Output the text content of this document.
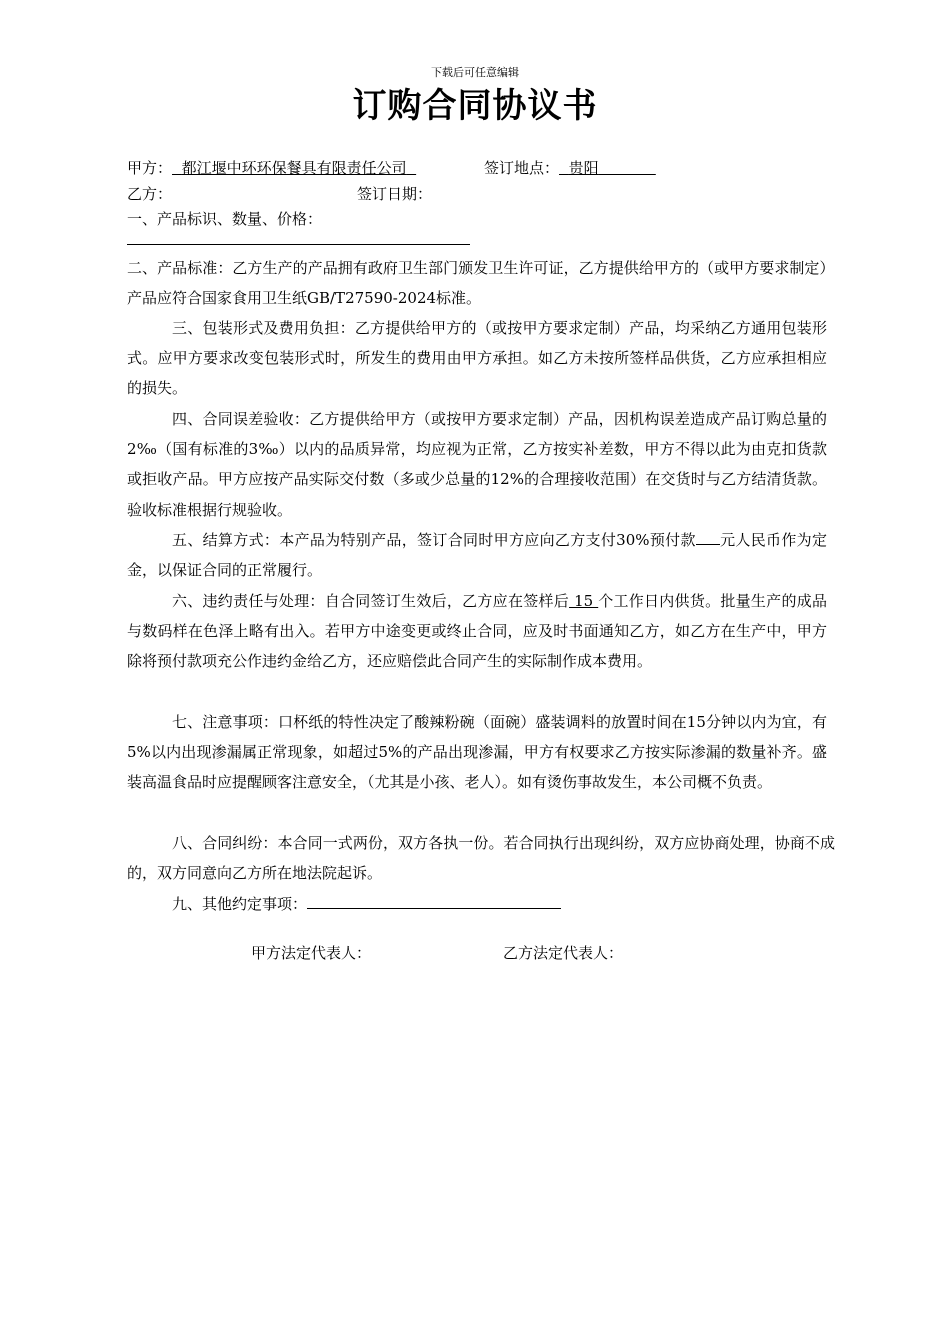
下载后可任意编辑
订购合同协议书
甲方： 都江堰中环环保餐具有限责任公司	签订地点： 贵阳
乙方：	签订日期：
一、产品标识、数量、价格：
二、产品标准：乙方生产的产品拥有政府卫生部门颁发卫生许可证，乙方提供给甲方的（或甲方要求制定）产品应符合国家食用卫生纸GB/T27590-2024标准。
三、包装形式及费用负担：乙方提供给甲方的（或按甲方要求定制）产品，均采纳乙方通用包装形式。应甲方要求改变包装形式时，所发生的费用由甲方承担。如乙方未按所签样品供货，乙方应承担相应的损失。
四、合同误差验收：乙方提供给甲方（或按甲方要求定制）产品，因机构误差造成产品订购总量的2‰（国有标准的3‰）以内的品质异常，均应视为正常，乙方按实补差数，甲方不得以此为由克扣货款或拒收产品。甲方应按产品实际交付数（多或少总量的12%的合理接收范围）在交货时与乙方结清货款。验收标准根据行规验收。
五、结算方式：本产品为特别产品，签订合同时甲方应向乙方支付30%预付款 元人民币作为定金，以保证合同的正常履行。
六、违约责任与处理：自合同签订生效后，乙方应在签样后 15 个工作日内供货。批量生产的成品与数码样在色泽上略有出入。若甲方中途变更或终止合同，应及时书面通知乙方，如乙方在生产中，甲方除将预付款项充公作违约金给乙方，还应赔偿此合同产生的实际制作成本费用。
七、注意事项：口杯纸的特性决定了酸辣粉碗（面碗）盛装调料的放置时间在15分钟以内为宜，有5%以内出现渗漏属正常现象，如超过5%的产品出现渗漏，甲方有权要求乙方按实际渗漏的数量补齐。盛装高温食品时应提醒顾客注意安全，（尤其是小孩、老人）。如有烫伤事故发生，本公司概不负责。
八、合同纠纷：本合同一式两份，双方各执一份。若合同执行出现纠纷，双方应协商处理，协商不成的，双方同意向乙方所在地法院起诉。
九、其他约定事项：
甲方法定代表人：	乙方法定代表人：
